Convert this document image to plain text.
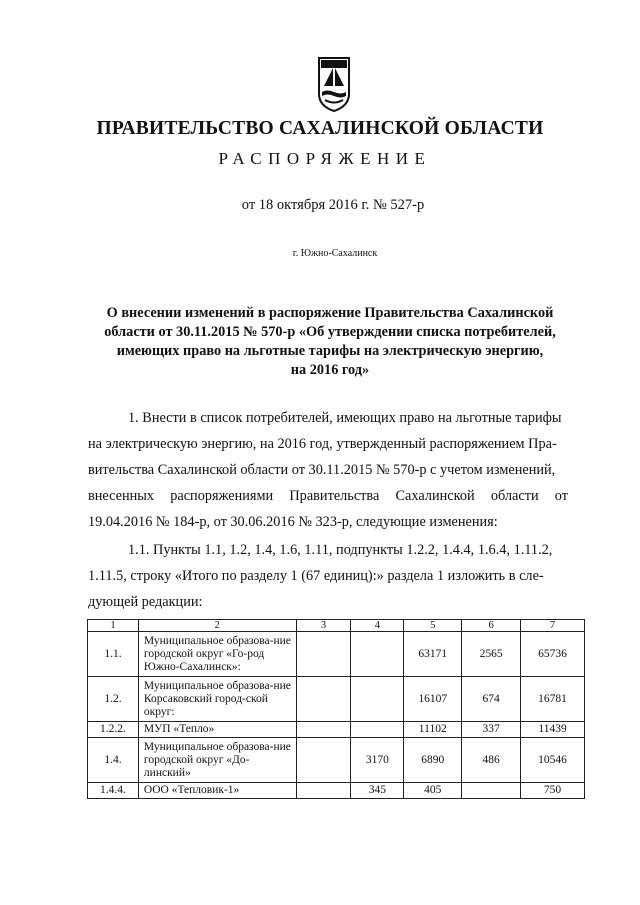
ПРАВИТЕЛЬСТВО САХАЛИНСКОЙ ОБЛАСТИ
РАСПОРЯЖЕНИЕ
от 18 октября 2016 г. № 527-р
г. Южно-Сахалинск
О внесении изменений в распоряжение Правительства Сахалинской
области от 30.11.2015 № 570-р «Об утверждении списка потребителей,
имеющих право на льготные тарифы на электрическую энергию,
на 2016 год»
1. Внести в список потребителей, имеющих право на льготные тарифы
на электрическую энергию, на 2016 год, утвержденный распоряжением Пра-
вительства Сахалинской области от 30.11.2015 № 570-р с учетом изменений,
внесенных распоряжениями Правительства Сахалинской области от
19.04.2016 № 184-р, от 30.06.2016 № 323-р, следующие изменения:
1.1. Пункты 1.1, 1.2, 1.4, 1.6, 1.11, подпункты 1.2.2, 1.4.4, 1.6.4, 1.11.2,
1.11.5, строку «Итого по разделу 1 (67 единиц):» раздела 1 изложить в сле-
дующей редакции:
1	2	3	4	5	6	7
1.1.	Муниципальное образова-ние городской округ «Го-род Южно-Сахалинск»:			63171	2565	65736
1.2.	Муниципальное образова-ние Корсаковский город-ской округ:			16107	674	16781
1.2.2.	МУП «Тепло»			11102	337	11439
1.4.	Муниципальное образова-ние городской округ «До-линский»		3170	6890	486	10546
1.4.4.	ООО «Тепловик-1»		345	405		750
